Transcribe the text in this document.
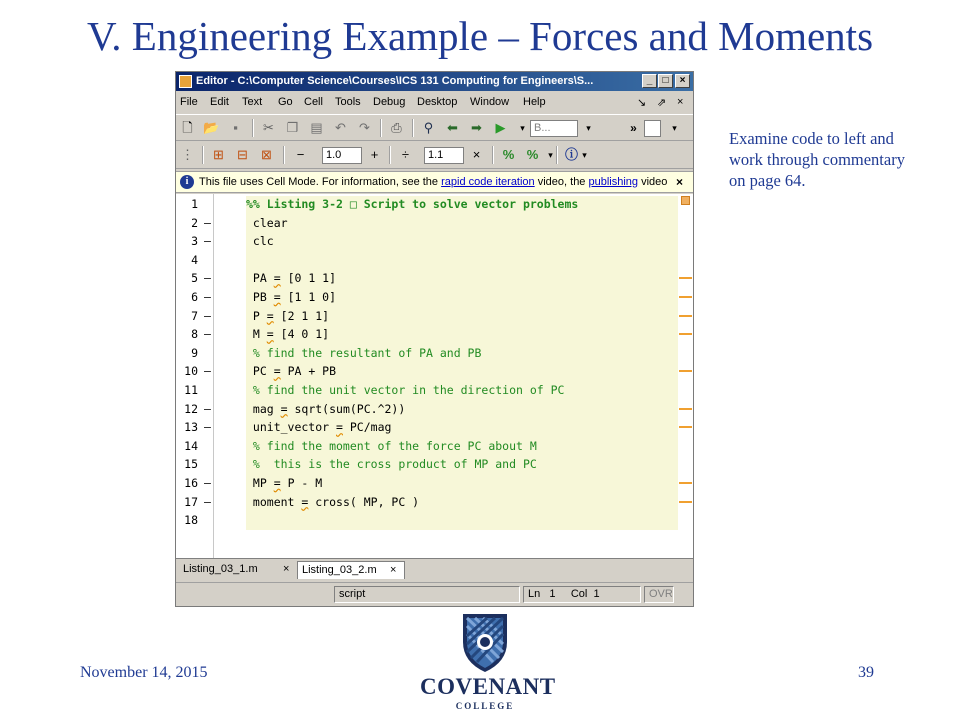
V. Engineering Example – Forces and Moments
Editor - C:\Computer Science\Courses\ICS 131 Computing for Engineers\S...	_	□	×
File Edit Text Go Cell Tools Debug Desktop Window Help	↘ ⇗ ×
🗋 📂	▪	✂ ❐ ▤ ↶ ↷ ⎙ ⚲ ⬅ ➡ ▶	▾ B...	▾	»	▾
⋮ ⊞ ⊟ ⊠	−	1.0	+	÷	1.1	×	% %	▾ ⓘ ▾
i This file uses Cell Mode. For information, see the rapid code iteration video, the publishing video ×
1	%% Listing 3-2 □ Script to solve vector problems
2 –	clear
3 –	clc
4
5 –	PA = [0 1 1]
6 –	PB = [1 1 0]
7 –	P = [2 1 1]
8 –	M = [4 0 1]
9	% find the resultant of PA and PB
10 –	PC = PA + PB
11	% find the unit vector in the direction of PC
12 –	mag = sqrt(sum(PC.^2))
13 –	unit_vector = PC/mag
14	% find the moment of the force PC about M
15	%  this is the cross product of MP and PC
16 –	MP = P - M
17 –	moment = cross( MP, PC )
18
Listing_03_1.m ×	Listing_03_2.m ×
script	Ln 1 Col 1	OVR
Examine code to left and work through commentary on page 64.
November 14, 2015	39
COVENANT
COLLEGE
